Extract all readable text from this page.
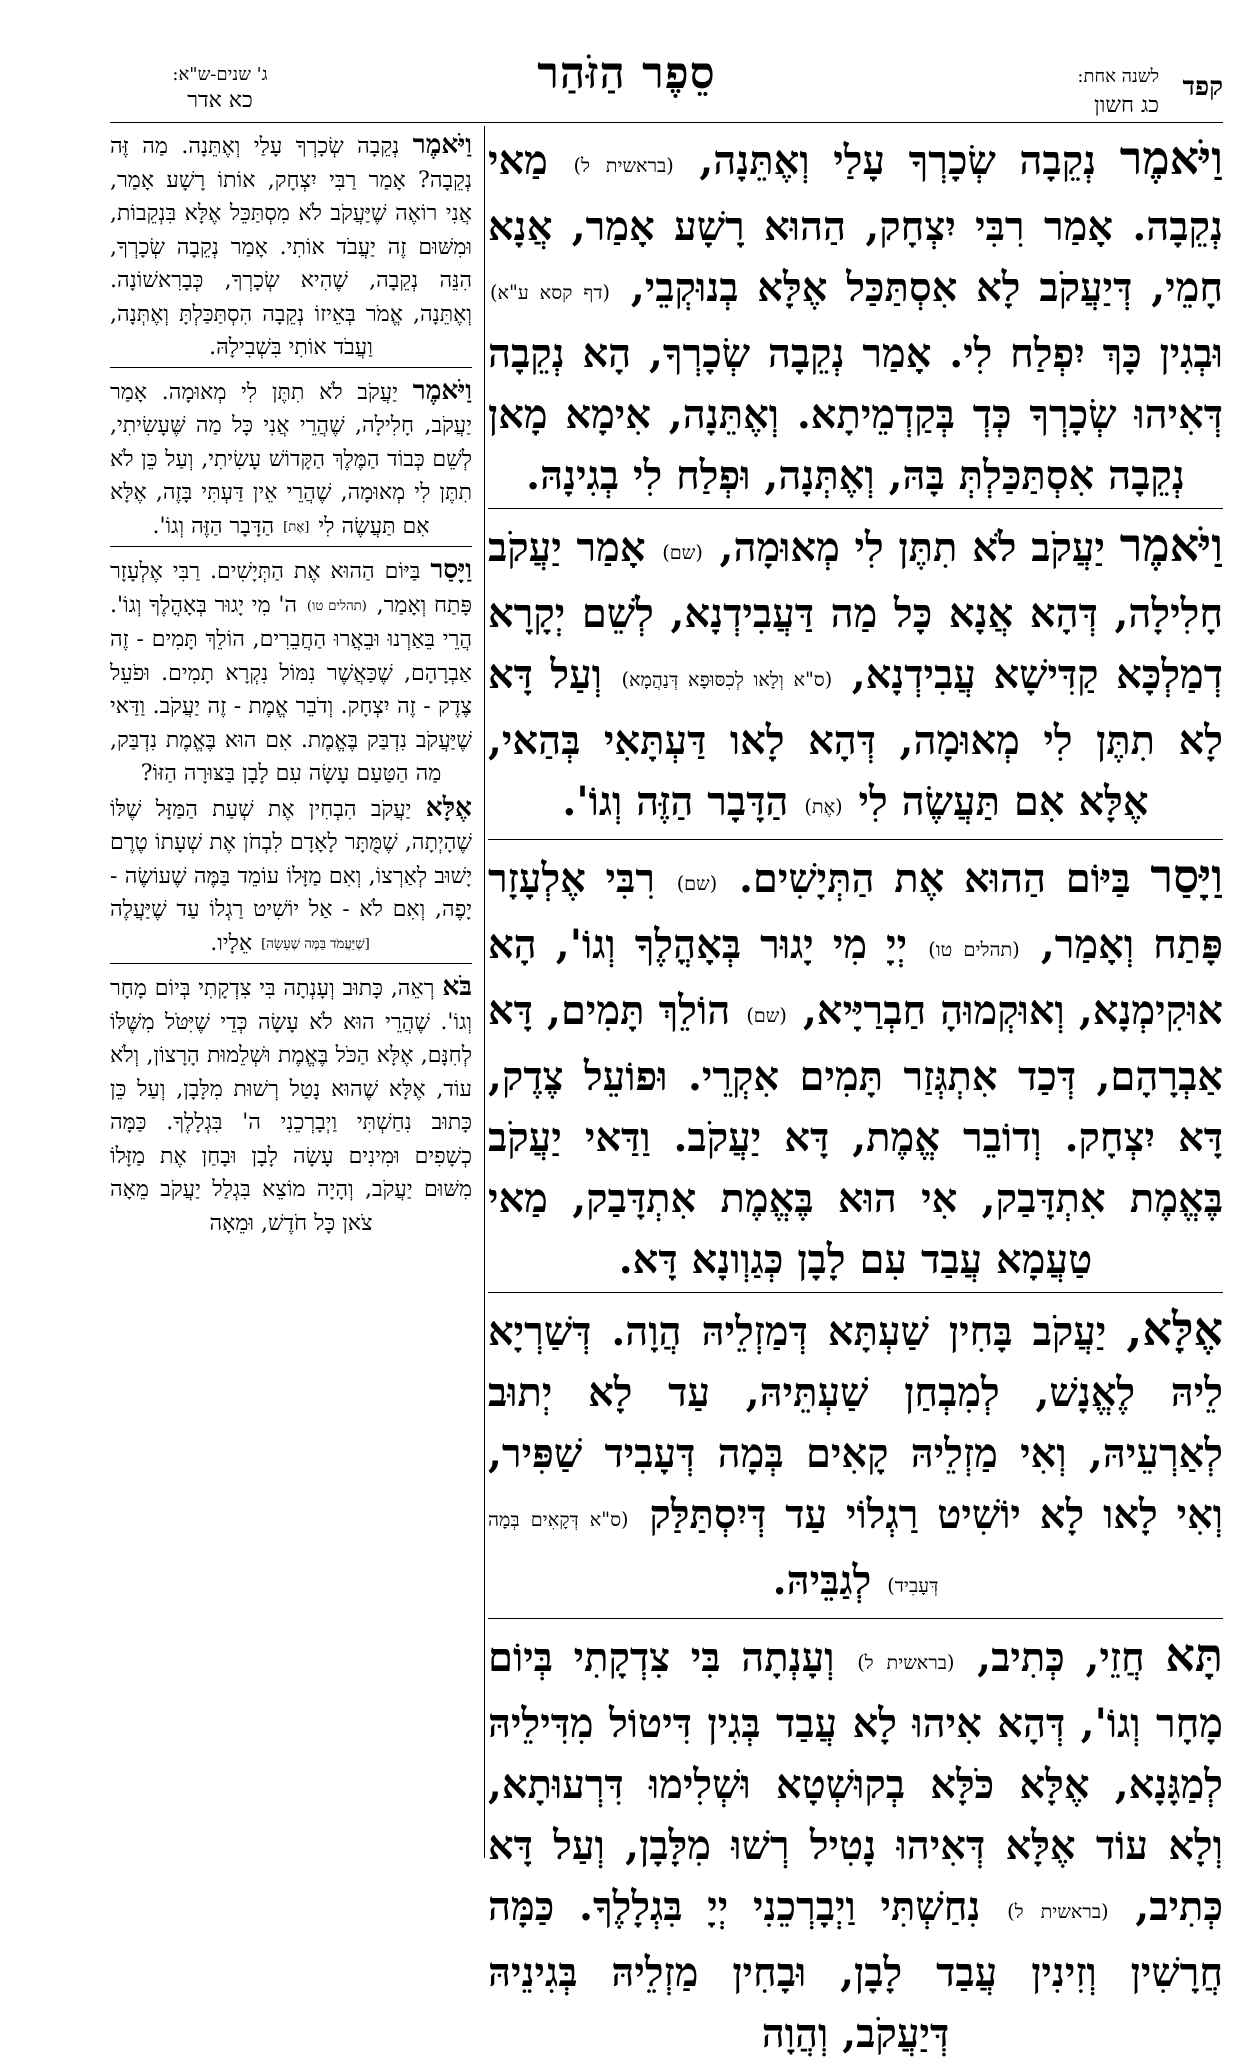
קפד
לשנה אחת:
כג חשון
סֵפֶר הַזֹּהַר
ג' שנים-ש"א:
כא אדר
וַיֹּאמֶר נְקֵבָה שְׂכָרְךָ עָלַי וְאֶתֵּנָה, (בראשית ל) מַאי נְקֵבָה. אָמַר רִבִּי יִצְחָק, הַהוּא רָשָׁע אָמַר, אֲנָא חָמֵי, דְּיַעֲקֹב לָא אִסְתַּכַּל אֶלָּא בְנוּקְבֵי, (דף קסא ע"א) וּבְגִין כָּךְ יִפְלַח לִי. אָמַר נְקֵבָה שְׂכָרְךָ, הָא נְקֵבָה דְּאִיהוּ שְׂכָרְךָ כְּדְ בְּקַדְמֵיתָא. וְאֶתֵּנָה, אִימָא מָאן נְקֵבָה אִסְתַּכַּלְתְּ בָּהּ, וְאֶתְּנָה, וּפְלַח לִי בְגִינָהּ.
וַיֹּאמֶר יַעֲקֹב לֹא תִתֶּן לִי מְאוּמָה, (שם) אָמַר יַעֲקֹב חָלִילָה, דְּהָא אֲנָא כָּל מַה דַּעֲבִידְנָא, לְשֵׁם יְקָרָא דְמַלְכָּא קַדִּישָׁא עֲבִידְנָא, (ס"א וְלָאו לְכִסּוּפָא דְּנַהֲמָא) וְעַל דָּא לָא תִתֶּן לִי מְאוּמָה, דְּהָא לָאו דַּעְתָּאִי בְּהַאי, אֶלָּא אִם תַּעֲשֶׂה לִי (אֶת) הַדָּבָר הַזֶּה וְגוֹ'.
וַיָּסַר בַּיּוֹם הַהוּא אֶת הַתְּיָשִׁים. (שם) רִבִּי אֶלְעָזָר פָּתַח וְאָמַר, (תהלים טו) יְיָ מִי יָגוּר בְּאָהֳלֶךָ וְגוֹ', הָא אוּקִימְנָא, וְאוּקְמוּהָ חַבְרַיָּיא, (שם) הוֹלֵךְ תָּמִים, דָּא אַבְרָהָם, דְּכַד אִתְגְּזַר תָּמִים אִקְרֵי. וּפוֹעֵל צֶדֶק, דָּא יִצְחָק. וְדוֹבֵר אֱמֶת, דָּא יַעֲקֹב. וַדַּאי יַעֲקֹב בֶּאֱמֶת אִתְדָּבַק, אִי הוּא בֶּאֱמֶת אִתְדָּבַק, מַאי טַעֲמָא עֲבַד עִם לָבָן כְּגַוְונָא דָּא.
אֶלָּא, יַעֲקֹב בָּחִין שַׁעְתָּא דְּמַזְלֵיהּ הֲוָה. דְּשַׁרְיָא לֵיהּ לֶאֱנָשׁ, לְמִבְחַן שַׁעְתֵּיהּ, עַד לָא יְתוּב לְאַרְעֵיהּ, וְאִי מַזְלֵיהּ קָאִים בְּמָה דְּעָבִיד שַׁפִּיר, וְאִי לָאו לָא יוֹשִׁיט רַגְלוֹי עַד דְּיִסְתַּלַּק (ס"א דְּקָאִים בְּמָה דְּעָבִיד) לְגַבֵּיהּ.
תָּא חֲזֵי, כְּתִיב, (בראשית ל) וְעָנְתָה בִּי צִדְקָתִי בְּיוֹם מָחָר וְגוֹ', דְּהָא אִיהוּ לָא עֲבַד בְּגִין דִּיטוֹל מִדִּילֵיהּ לְמַגָּנָא, אֶלָּא כֹּלָּא בְקוּשְׁטָא וּשְׁלִימוּ דִּרְעוּתָא, וְלָא עוֹד אֶלָּא דְּאִיהוּ נָטִיל רְשׁוּ מִלָּבָן, וְעַל דָּא כְּתִיב, (בראשית ל) נִחַשְׁתִּי וַיְבָרְכֵנִי יְיָ בִּגְלָלֶךָ. כַּמָּה חֲרָשִׁין וְזִינִין עֲבַד לָבָן, וּבָחִין מַזְלֵיהּ בְּגִינֵיהּ דְּיַעֲקֹב, וְהֲוָה
וַיֹּאמֶר נְקֵבָה שְׂכָרְךָ עָלַי וְאֶתֵּנָה. מַה זֶּה נְקֵבָה? אָמַר רַבִּי יִצְחָק, אוֹתוֹ רָשָׁע אָמַר, אֲנִי רוֹאֶה שֶׁיַּעֲקֹב לֹא מִסְתַּכֵּל אֶלָּא בִּנְקֵבוֹת, וּמִשּׁוּם זֶה יַעֲבֹד אוֹתִי. אָמַר נְקֵבָה שְׂכָרְךָ, הִנֵּה נְקֵבָה, שֶׁהִיא שְׂכָרְךָ, כְּבָרִאשׁוֹנָה. וְאֶתֵּנָה, אֱמֹר בְּאֵיזוֹ נְקֵבָה הִסְתַּכַּלְתָּ וְאֶתְּנָה, וַעֲבֹד אוֹתִי בִּשְׁבִילָהּ.
וַיֹּאמֶר יַעֲקֹב לֹא תִתֶּן לִי מְאוּמָה. אָמַר יַעֲקֹב, חָלִילָה, שֶׁהֲרֵי אֲנִי כָּל מַה שֶּׁעָשִׂיתִי, לְשֵׁם כְּבוֹד הַמֶּלֶךְ הַקָּדוֹשׁ עָשִׂיתִי, וְעַל כֵּן לֹא תִתֶּן לִי מְאוּמָה, שֶׁהֲרֵי אֵין דַּעְתִּי בָּזֶה, אֶלָּא אִם תַּעֲשֶׂה לִי [אֶת] הַדָּבָר הַזֶּה וְגוֹ'.
וַיָּסַר בַּיּוֹם הַהוּא אֶת הַתְּיָשִׁים. רַבִּי אֶלְעָזָר פָּתַח וְאָמַר, (תהלים טו) ה' מִי יָגוּר בְּאָהֳלֶךָ וְגוֹ'. הֲרֵי בֵּאַרְנוּ וּבֵאֲרוּ הַחֲבֵרִים, הוֹלֵךְ תָּמִים - זֶה אַבְרָהָם, שֶׁכַּאֲשֶׁר נִמּוֹל נִקְרָא תָמִים. וּפֹעֵל צֶדֶק - זֶה יִצְחָק. וְדֹבֵר אֱמֶת - זֶה יַעֲקֹב. וַדַּאי שֶׁיַּעֲקֹב נִדְבַּק בֶּאֱמֶת. אִם הוּא בֶּאֱמֶת נִדְבַּק, מַה הַטַּעַם עָשָׂה עִם לָבָן בַּצּוּרָה הַזּוֹ?
אֶלָּא יַעֲקֹב הִבְחִין אֶת שְׁעַת הַמַּזָּל שֶׁלּוֹ שֶׁהָיְתָה, שֶׁמֻּתָּר לָאָדָם לִבְחֹן אֶת שְׁעָתוֹ טֶרֶם יָשׁוּב לְאַרְצוֹ, וְאִם מַזָּלוֹ עוֹמֵד בַּמֶּה שֶׁעוֹשֶׂה - יָפֶה, וְאִם לֹא - אַל יוֹשִׁיט רַגְלוֹ עַד שֶׁיַּעֲלֶה [שֶׁיַּעֲמֹד בַּמֶּה שֶׁעָשָׂה] אֵלָיו.
בֹּא רְאֵה, כָּתוּב וְעָנְתָה בִּי צִדְקָתִי בְּיוֹם מָחָר וְגוֹ'. שֶׁהֲרֵי הוּא לֹא עָשָׂה כְּדֵי שֶׁיִּטֹּל מִשֶּׁלּוֹ לְחִנָּם, אֶלָּא הַכֹּל בֶּאֱמֶת וּשְׁלֵמוּת הָרָצוֹן, וְלֹא עוֹד, אֶלָּא שֶׁהוּא נָטַל רְשׁוּת מִלָּבָן, וְעַל כֵּן כָּתוּב נִחַשְׁתִּי וַיְבָרְכֵנִי ה' בִּגְלָלֶךָ. כַּמָּה כְשָׁפִים וּמִינִים עָשָׂה לָבָן וּבָחַן אֶת מַזָּלוֹ מִשּׁוּם יַעֲקֹב, וְהָיָה מוֹצֵא בִּגְלַל יַעֲקֹב מֵאָה צֹאן כָּל חֹדֶשׁ, וּמֵאָה
